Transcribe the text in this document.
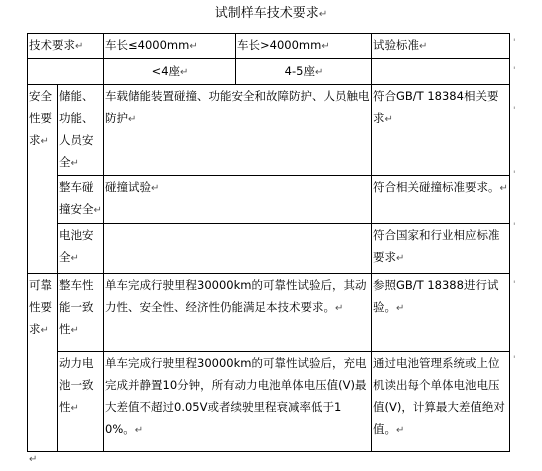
试制样车技术要求↵
技术要求↵		车长≤4000mm↵	车长>4000mm↵	试验标准↵
		<4座↵	4-5座↵	
安全性要求↵	储能、功能、人员安全↵	车载储能装置碰撞、功能安全和故障防护、人员触电防护↵		符合GB/T 18384相关要求↵
	整车碰撞安全↵	碰撞试验↵		符合相关碰撞标准要求。↵
	电池安全↵			符合国家和行业相应标准要求↵
可靠性要求↵	整车性能一致性↵	单车完成行驶里程30000km的可靠性试验后，其动力性、安全性、经济性仍能满足本技术要求。↵		参照GB/T 18388进行试验。↵
	动力电池一致性↵	单车完成行驶里程30000km的可靠性试验后，充电完成并静置10分钟，所有动力电池单体电压值(V)最大差值不超过0.05V或者续驶里程衰减率低于10%。↵		通过电池管理系统或上位机读出每个单体电池电压值(V)，计算最大差值绝对值。↵
'
'
'
'
'
'
'
↵
